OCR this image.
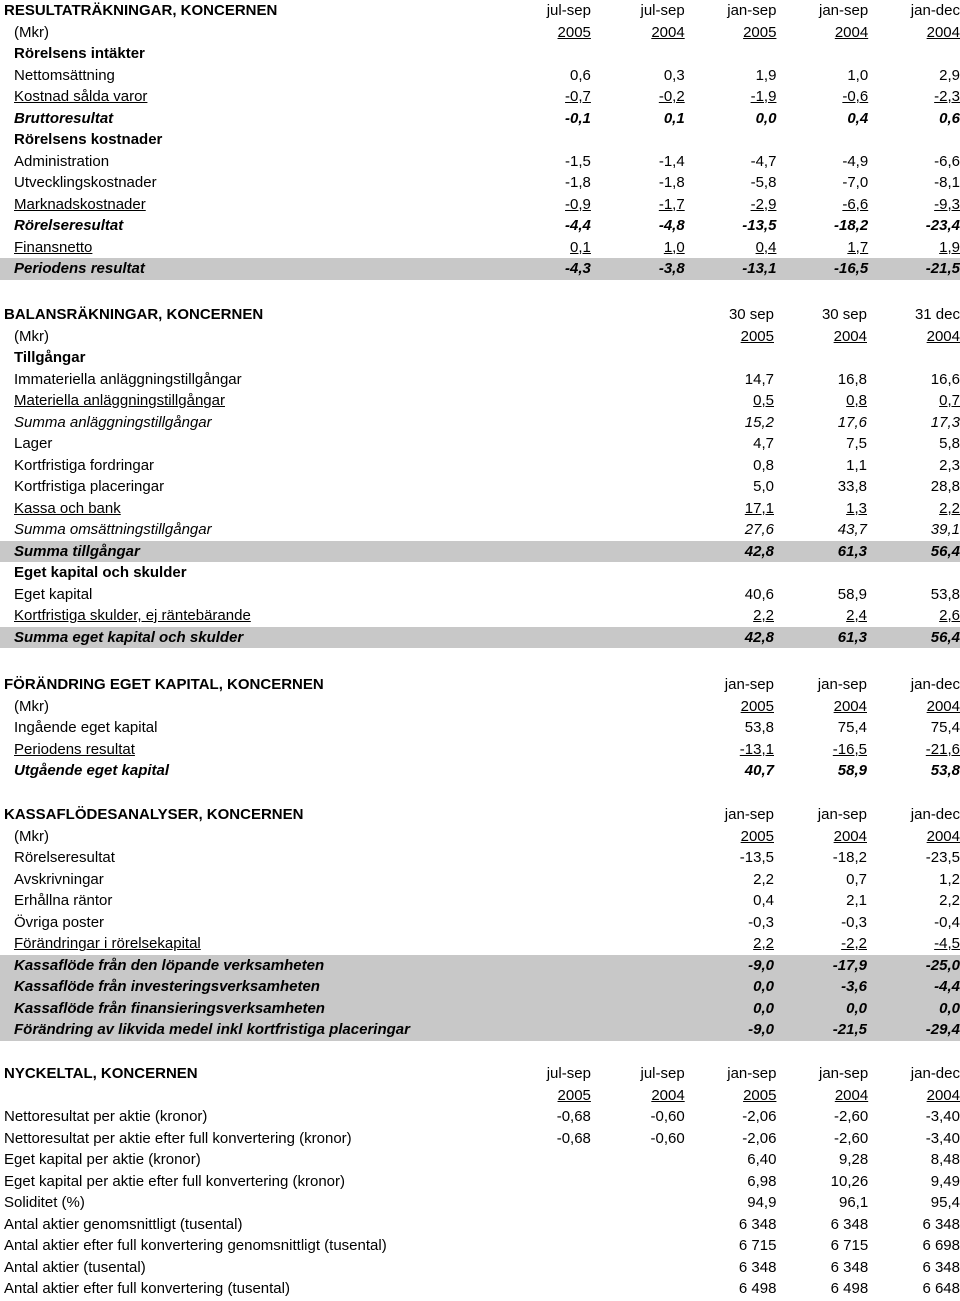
RESULTATRÄKNINGAR, KONCERNEN	jul-sep	jul-sep	jan-sep	jan-sep	jan-dec
(Mkr)	2005	2004	2005	2004	2004
Rörelsens intäkter					
Nettomsättning	0,6	0,3	1,9	1,0	2,9
Kostnad sålda varor	-0,7	-0,2	-1,9	-0,6	-2,3
Bruttoresultat	-0,1	0,1	0,0	0,4	0,6
Rörelsens kostnader					
Administration	-1,5	-1,4	-4,7	-4,9	-6,6
Utvecklingskostnader	-1,8	-1,8	-5,8	-7,0	-8,1
Marknadskostnader	-0,9	-1,7	-2,9	-6,6	-9,3
Rörelseresultat	-4,4	-4,8	-13,5	-18,2	-23,4
Finansnetto	0,1	1,0	0,4	1,7	1,9
Periodens resultat	-4,3	-3,8	-13,1	-16,5	-21,5
BALANSRÄKNINGAR, KONCERNEN	30 sep	30 sep	31 dec
(Mkr)	2005	2004	2004
Tillgångar			
Immateriella anläggningstillgångar	14,7	16,8	16,6
Materiella anläggningstillgångar	0,5	0,8	0,7
Summa anläggningstillgångar	15,2	17,6	17,3
Lager	4,7	7,5	5,8
Kortfristiga fordringar	0,8	1,1	2,3
Kortfristiga placeringar	5,0	33,8	28,8
Kassa och bank	17,1	1,3	2,2
Summa omsättningstillgångar	27,6	43,7	39,1
Summa tillgångar	42,8	61,3	56,4
Eget kapital och skulder			
Eget kapital	40,6	58,9	53,8
Kortfristiga skulder, ej räntebärande	2,2	2,4	2,6
Summa eget kapital och skulder	42,8	61,3	56,4
FÖRÄNDRING EGET KAPITAL, KONCERNEN	jan-sep	jan-sep	jan-dec
(Mkr)	2005	2004	2004
Ingående eget kapital	53,8	75,4	75,4
Periodens resultat	-13,1	-16,5	-21,6
Utgående eget kapital	40,7	58,9	53,8
KASSAFLÖDESANALYSER, KONCERNEN	jan-sep	jan-sep	jan-dec
(Mkr)	2005	2004	2004
Rörelseresultat	-13,5	-18,2	-23,5
Avskrivningar	2,2	0,7	1,2
Erhållna räntor	0,4	2,1	2,2
Övriga poster	-0,3	-0,3	-0,4
Förändringar i rörelsekapital	2,2	-2,2	-4,5
Kassaflöde från den löpande verksamheten	-9,0	-17,9	-25,0
Kassaflöde från investeringsverksamheten	0,0	-3,6	-4,4
Kassaflöde från finansieringsverksamheten	0,0	0,0	0,0
Förändring av likvida medel inkl kortfristiga placeringar	-9,0	-21,5	-29,4
NYCKELTAL, KONCERNEN	jul-sep	jul-sep	jan-sep	jan-sep	jan-dec
	2005	2004	2005	2004	2004
Nettoresultat per aktie (kronor)	-0,68	-0,60	-2,06	-2,60	-3,40
Nettoresultat per aktie efter full konvertering (kronor)	-0,68	-0,60	-2,06	-2,60	-3,40
Eget kapital per aktie (kronor)			6,40	9,28	8,48
Eget kapital per aktie efter full konvertering (kronor)			6,98	10,26	9,49
Soliditet (%)			94,9	96,1	95,4
Antal aktier genomsnittligt (tusental)			6 348	6 348	6 348
Antal aktier efter full konvertering genomsnittligt (tusental)			6 715	6 715	6 698
Antal aktier (tusental)			6 348	6 348	6 348
Antal aktier efter full konvertering (tusental)			6 498	6 498	6 648
